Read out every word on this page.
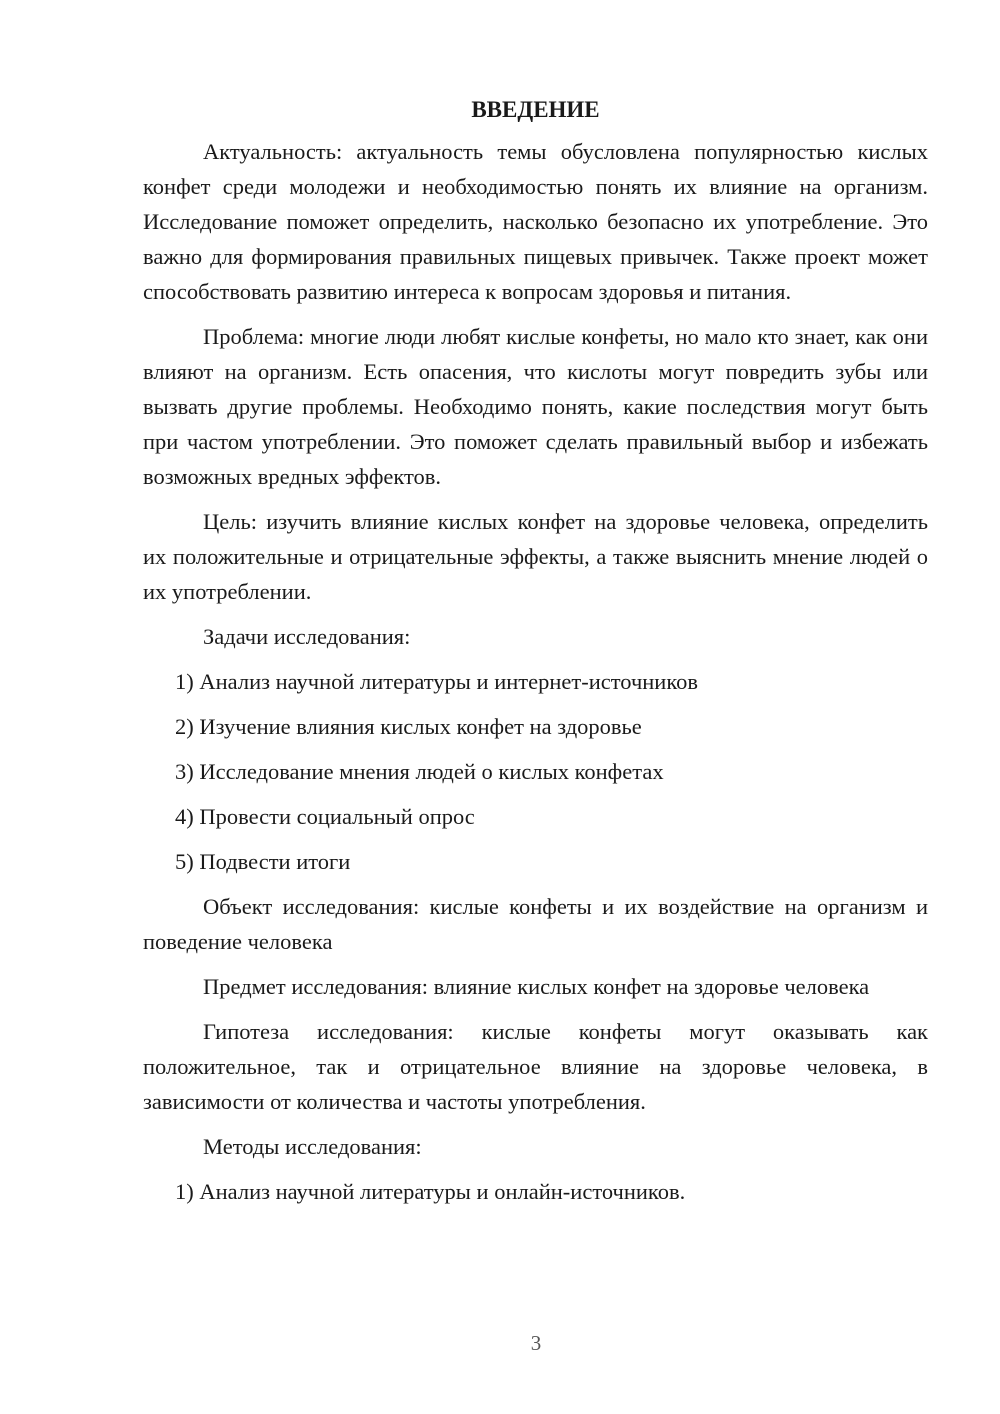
ВВЕДЕНИЕ

Актуальность: актуальность темы обусловлена популярностью кислых конфет среди молодежи и необходимостью понять их влияние на организм. Исследование поможет определить, насколько безопасно их употребление. Это важно для формирования правильных пищевых привычек. Также проект может способствовать развитию интереса к вопросам здоровья и питания.

Проблема: многие люди любят кислые конфеты, но мало кто знает, как они влияют на организм. Есть опасения, что кислоты могут повредить зубы или вызвать другие проблемы. Необходимо понять, какие последствия могут быть при частом употреблении. Это поможет сделать правильный выбор и избежать возможных вредных эффектов.

Цель: изучить влияние кислых конфет на здоровье человека, определить их положительные и отрицательные эффекты, а также выяснить мнение людей о их употреблении.

Задачи исследования:

1) Анализ научной литературы и интернет-источников

2) Изучение влияния кислых конфет на здоровье

3) Исследование мнения людей о кислых конфетах

4) Провести социальный опрос

5) Подвести итоги

Объект исследования: кислые конфеты и их воздействие на организм и поведение человека

Предмет исследования: влияние кислых конфет на здоровье человека

Гипотеза исследования: кислые конфеты могут оказывать как положительное, так и отрицательное влияние на здоровье человека, в зависимости от количества и частоты употребления.

Методы исследования:

1) Анализ научной литературы и онлайн-источников.

3
